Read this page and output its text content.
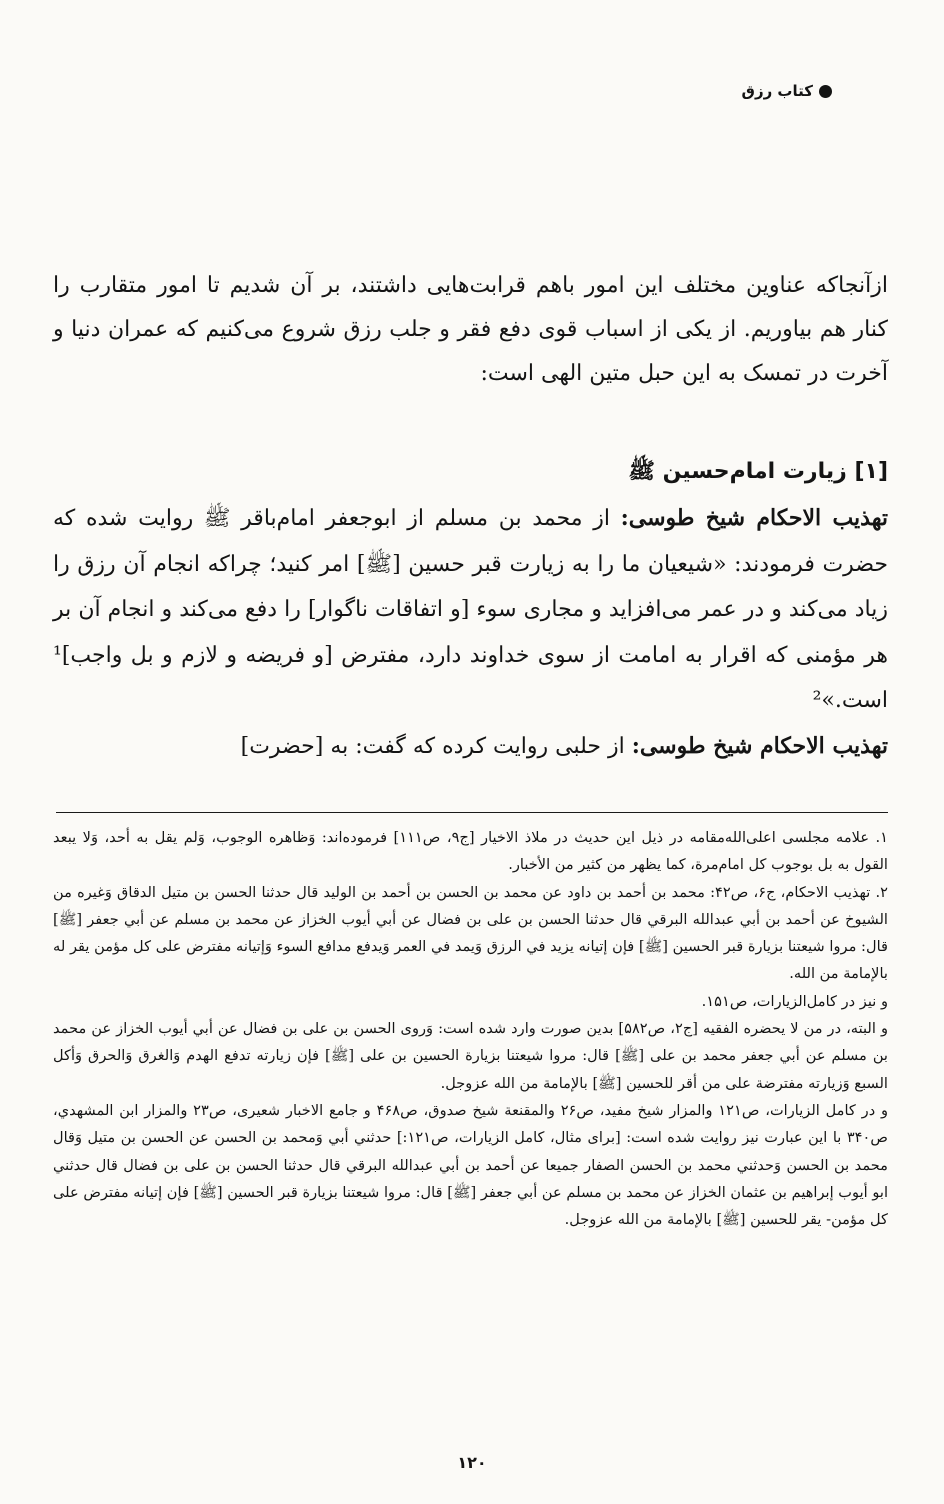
کتاب رزق

ازآنجاکه عناوین مختلف این امور باهم قرابت‌هایی داشتند، بر آن شدیم تا امور متقارب را کنار هم بیاوریم. از یکی از اسباب قوی دفع فقر و جلب رزق شروع می‌کنیم که عمران دنیا و آخرت در تمسک به این حبل متین الهی است:

[۱] زیارت امام‌حسین ﷺ

تهذیب الاحکام شیخ طوسی: از محمد بن مسلم از ابوجعفر امام‌باقر ﷺ روایت شده که حضرت فرمودند: «شیعیان ما را به زیارت قبر حسین [ﷺ] امر کنید؛ چراکه انجام آن رزق را زیاد می‌کند و در عمر می‌افزاید و مجاری سوء [و اتفاقات ناگوار] را دفع می‌کند و انجام آن بر هر مؤمنی که اقرار به امامت از سوی خداوند دارد، مفترض [و فریضه و لازم و بل واجب]¹ است.»²

تهذیب الاحکام شیخ طوسی: از حلبی روایت کرده که گفت: به [حضرت]

۱. علامه مجلسی اعلی‌الله‌مقامه در ذیل این حدیث در ملاذ الاخیار [ج۹، ص۱۱۱] فرموده‌اند: وَظاهره الوجوب، وَلم یقل به أحد، وَلا یبعد القول به بل بوجوب کل امام‌مرة، کما یظهر من کثیر من الأخبار.

۲. تهذیب الاحکام، ج۶، ص۴۲: محمد بن أحمد بن داود عن محمد بن الحسن بن أحمد بن الولید قال حدثنا الحسن بن متیل الدقاق وَغیره من الشیوخ عن أحمد بن أبي عبدالله البرقي قال حدثنا الحسن بن علی بن فضال عن أبي أیوب الخزاز عن محمد بن مسلم عن أبي جعفر [ﷺ] قال: مروا شیعتنا بزیارة قبر الحسین [ﷺ] فإن إتیانه یزید في الرزق وَیمد في العمر وَیدفع مدافع السوء وَإتیانه مفترض علی کل مؤمن یقر له بالإمامة من الله.

و نیز در کامل‌الزیارات، ص۱۵۱.

و البته، در من لا یحضره الفقیه [ج۲، ص۵۸۲] بدین صورت وارد شده است: وَروی الحسن بن علی بن فضال عن أبي أیوب الخزاز عن محمد بن مسلم عن أبي جعفر محمد بن علی [ﷺ] قال: مروا شیعتنا بزیارة الحسین بن علی [ﷺ] فإن زیارته تدفع الهدم وَالغرق وَالحرق وَأکل السبع وَزیارته مفترضة علی من أقر للحسین [ﷺ] بالإمامة من الله عزوجل.

و در کامل الزیارات، ص۱۲۱ والمزار شیخ مفید، ص۲۶ والمقنعة شیخ صدوق، ص۴۶۸ و جامع الاخبار شعیری، ص۲۳ والمزار ابن المشهدي، ص۳۴۰ با این عبارت نیز روایت شده است: [برای مثال، کامل الزیارات، ص۱۲۱:] حدثني أبي وَمحمد بن الحسن عن الحسن بن متیل وَقال محمد بن الحسن وَحدثني محمد بن الحسن الصفار جمیعا عن أحمد بن أبي عبدالله البرقي قال حدثنا الحسن بن علی بن فضال قال حدثني ابو أیوب إبراهیم بن عثمان الخزاز عن محمد بن مسلم عن أبي جعفر [ﷺ] قال: مروا شیعتنا بزیارة قبر الحسین [ﷺ] فإن إتیانه مفترض علی کل مؤمن- یقر للحسین [ﷺ] بالإمامة من الله عزوجل.

۱۲۰
